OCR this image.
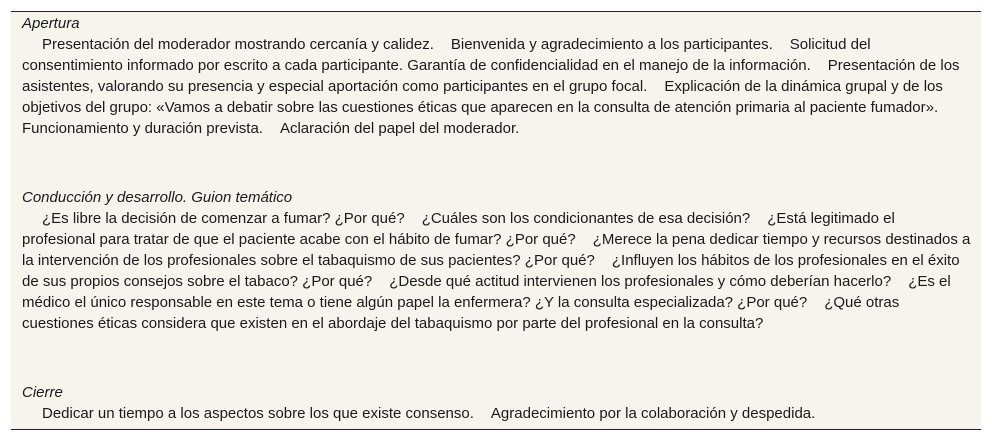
Apertura

Presentación del moderador mostrando cercanía y calidez. Bienvenida y agradecimiento a los participantes. Solicitud del consentimiento informado por escrito a cada participante. Garantía de confidencialidad en el manejo de la información. Presentación de los asistentes, valorando su presencia y especial aportación como participantes en el grupo focal. Explicación de la dinámica grupal y de los objetivos del grupo: «Vamos a debatir sobre las cuestiones éticas que aparecen en la consulta de atención primaria al paciente fumador».Funcionamiento y duración prevista. Aclaración del papel del moderador.

Conducción y desarrollo. Guion temático

¿Es libre la decisión de comenzar a fumar? ¿Por qué? ¿Cuáles son los condicionantes de esa decisión? ¿Está legitimado el profesional para tratar de que el paciente acabe con el hábito de fumar? ¿Por qué? ¿Merece la pena dedicar tiempo y recursos destinados a la intervención de los profesionales sobre el tabaquismo de sus pacientes? ¿Por qué? ¿Influyen los hábitos de los profesionales en el éxito de sus propios consejos sobre el tabaco? ¿Por qué? ¿Desde qué actitud intervienen los profesionales y cómo deberían hacerlo? ¿Es el médico el único responsable en este tema o tiene algún papel la enfermera? ¿Y la consulta especializada? ¿Por qué? ¿Qué otras cuestiones éticas considera que existen en el abordaje del tabaquismo por parte del profesional en la consulta?

Cierre

Dedicar un tiempo a los aspectos sobre los que existe consenso. Agradecimiento por la colaboración y despedida.
